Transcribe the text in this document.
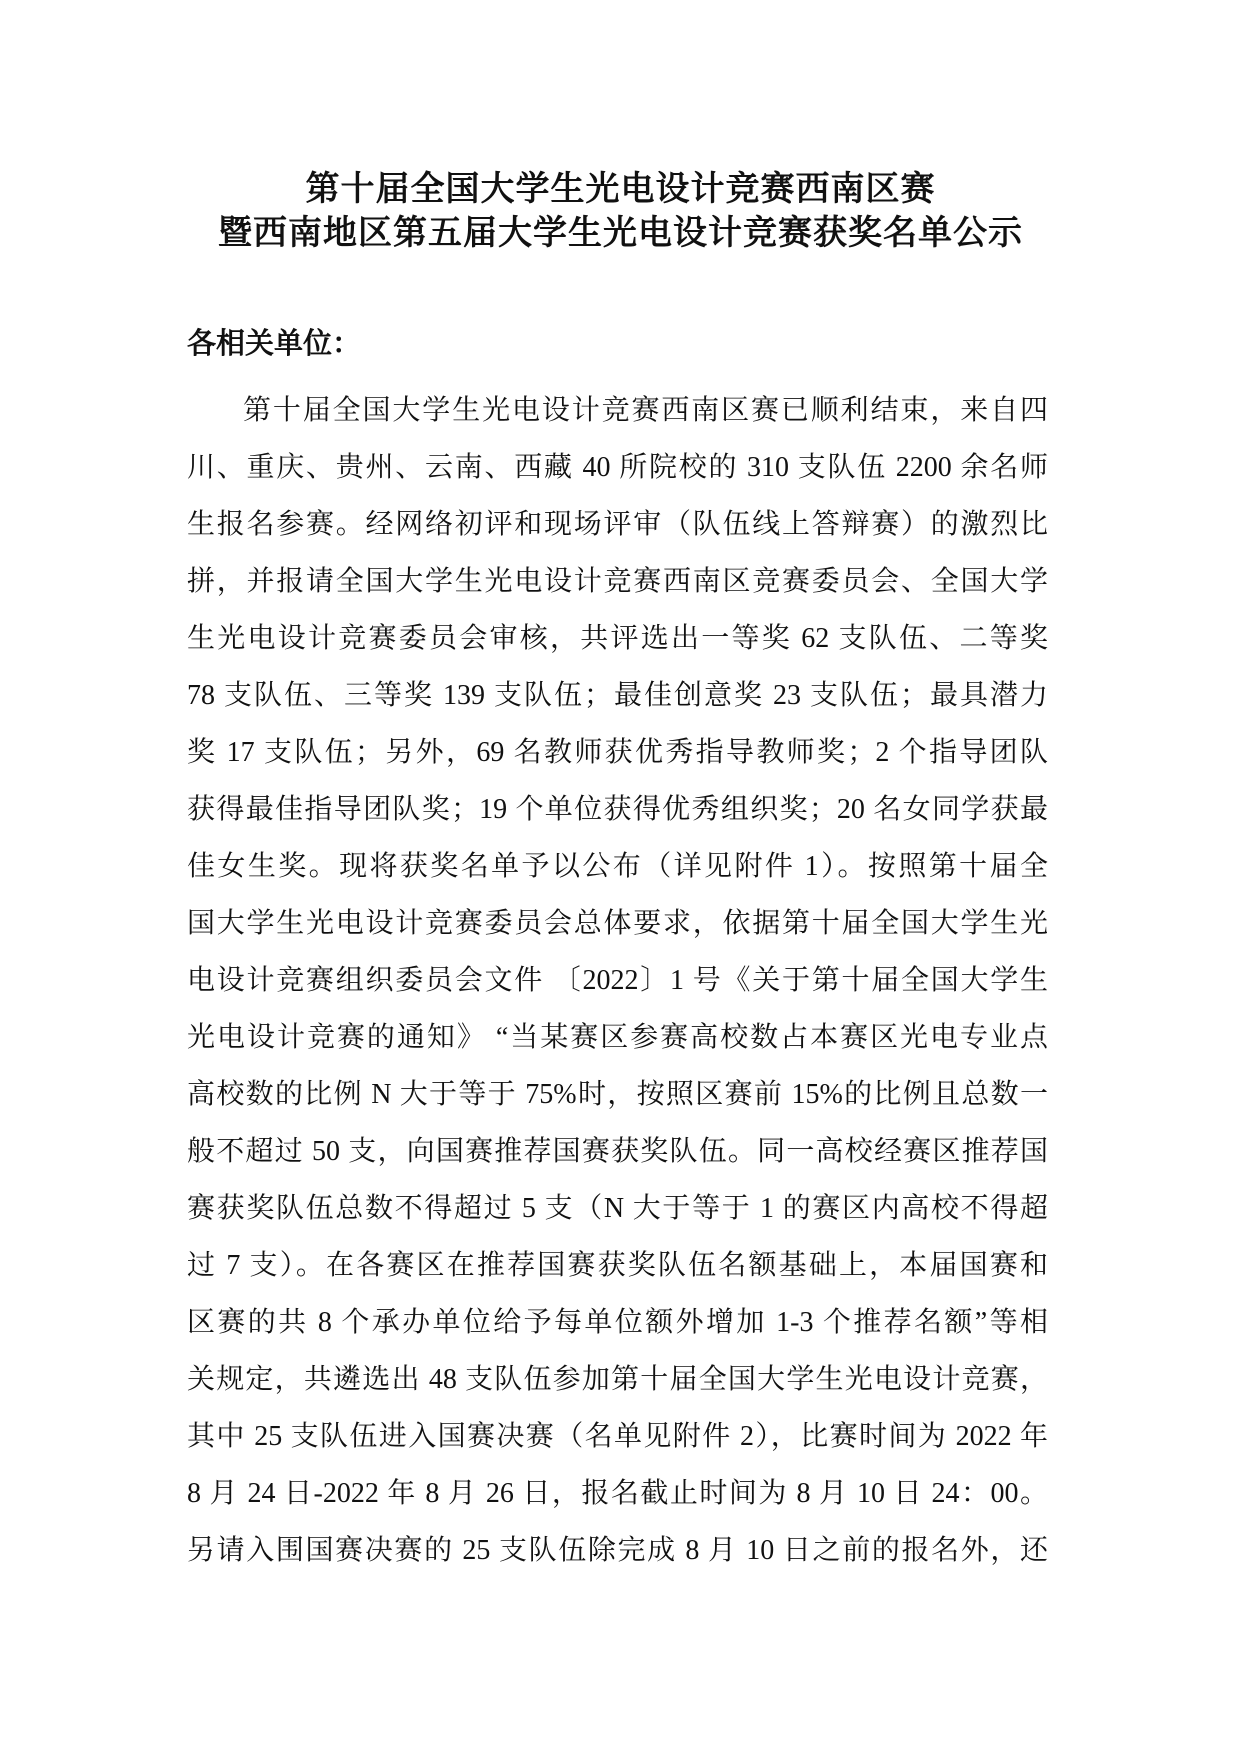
第十届全国大学生光电设计竞赛西南区赛
暨西南地区第五届大学生光电设计竞赛获奖名单公示
各相关单位：
第十届全国大学生光电设计竞赛西南区赛已顺利结束，来自四
川、重庆、贵州、云南、西藏 40 所院校的 310 支队伍 2200 余名师
生报名参赛。经网络初评和现场评审（队伍线上答辩赛）的激烈比
拼，并报请全国大学生光电设计竞赛西南区竞赛委员会、全国大学
生光电设计竞赛委员会审核，共评选出一等奖 62 支队伍、二等奖
78 支队伍、三等奖 139 支队伍；最佳创意奖 23 支队伍；最具潜力
奖 17 支队伍；另外，69 名教师获优秀指导教师奖；2 个指导团队
获得最佳指导团队奖；19 个单位获得优秀组织奖；20 名女同学获最
佳女生奖。现将获奖名单予以公布（详见附件 1）。按照第十届全
国大学生光电设计竞赛委员会总体要求，依据第十届全国大学生光
电设计竞赛组织委员会文件 〔2022〕1 号《关于第十届全国大学生
光电设计竞赛的通知》 “当某赛区参赛高校数占本赛区光电专业点
高校数的比例 N 大于等于 75%时，按照区赛前 15%的比例且总数一
般不超过 50 支，向国赛推荐国赛获奖队伍。同一高校经赛区推荐国
赛获奖队伍总数不得超过 5 支（N 大于等于 1 的赛区内高校不得超
过 7 支）。在各赛区在推荐国赛获奖队伍名额基础上，本届国赛和
区赛的共 8 个承办单位给予每单位额外增加 1-3 个推荐名额”等相
关规定，共遴选出 48 支队伍参加第十届全国大学生光电设计竞赛，
其中 25 支队伍进入国赛决赛（名单见附件 2），比赛时间为 2022 年
8 月 24 日-2022 年 8 月 26 日，报名截止时间为 8 月 10 日 24：00。
另请入围国赛决赛的 25 支队伍除完成 8 月 10 日之前的报名外，还
